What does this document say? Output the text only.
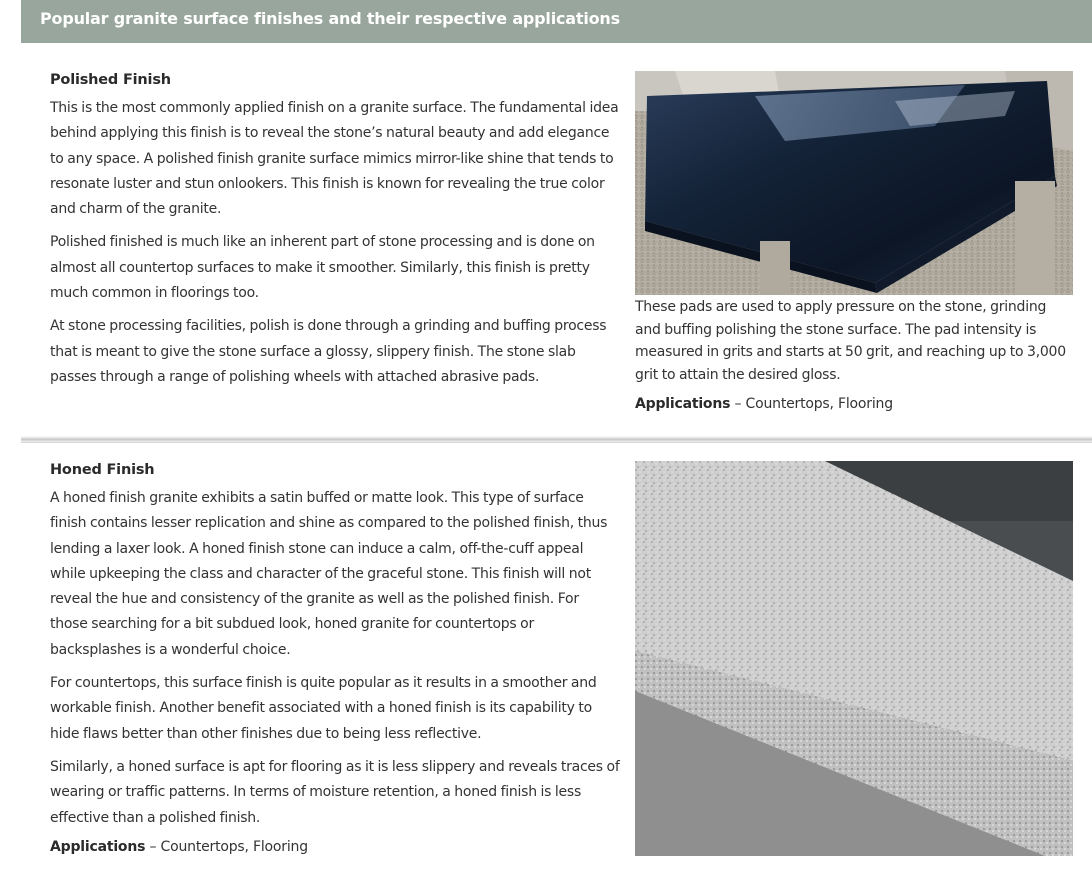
Popular granite surface finishes and their respective applications
Polished Finish

This is the most commonly applied finish on a granite surface. The fundamental idea behind applying this finish is to reveal the stone’s natural beauty and add elegance to any space. A polished finish granite surface mimics mirror-like shine that tends to resonate luster and stun onlookers. This finish is known for revealing the true color and charm of the granite.

Polished finished is much like an inherent part of stone processing and is done on almost all countertop surfaces to make it smoother. Similarly, this finish is pretty much common in floorings too.

At stone processing facilities, polish is done through a grinding and buffing process that is meant to give the stone surface a glossy, slippery finish. The stone slab passes through a range of polishing wheels with attached abrasive pads.

These pads are used to apply pressure on the stone, grinding and buffing polishing the stone surface. The pad intensity is measured in grits and starts at 50 grit, and reaching up to 3,000 grit to attain the desired gloss.
Applications – Countertops, Flooring
Honed Finish

A honed finish granite exhibits a satin buffed or matte look. This type of surface finish contains lesser replication and shine as compared to the polished finish, thus lending a laxer look. A honed finish stone can induce a calm, off-the-cuff appeal while upkeeping the class and character of the graceful stone. This finish will not reveal the hue and consistency of the granite as well as the polished finish. For those searching for a bit subdued look, honed granite for countertops or backsplashes is a wonderful choice.

For countertops, this surface finish is quite popular as it results in a smoother and workable finish. Another benefit associated with a honed finish is its capability to hide flaws better than other finishes due to being less reflective.

Similarly, a honed surface is apt for flooring as it is less slippery and reveals traces of wearing or traffic patterns. In terms of moisture retention, a honed finish is less effective than a polished finish.

Applications – Countertops, Flooring
